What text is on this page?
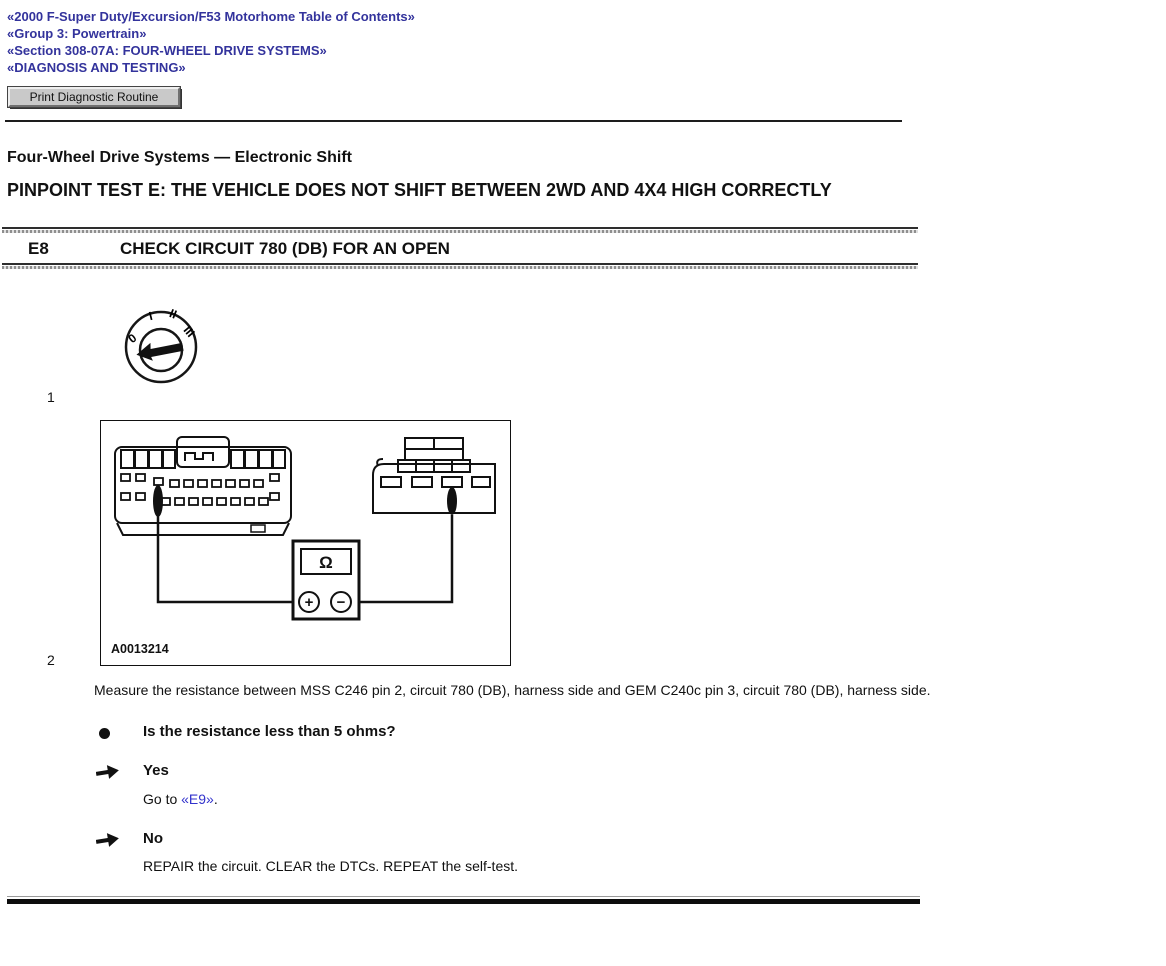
«2000 F-Super Duty/Excursion/F53 Motorhome Table of Contents»
«Group 3: Powertrain»
«Section 308-07A: FOUR-WHEEL DRIVE SYSTEMS»
«DIAGNOSIS AND TESTING»
Print Diagnostic Routine
Four-Wheel Drive Systems — Electronic Shift
PINPOINT TEST E: THE VEHICLE DOES NOT SHIFT BETWEEN 2WD AND 4X4 HIGH CORRECTLY
E8	CHECK CIRCUIT 780 (DB) FOR AN OPEN
0
I II
III
1
2
Ω
+ −
A0013214
Measure the resistance between MSS C246 pin 2, circuit 780 (DB), harness side and GEM C240c pin 3, circuit 780 (DB), harness side.
Is the resistance less than 5 ohms?
Yes
Go to «E9».
No
REPAIR the circuit. CLEAR the DTCs. REPEAT the self-test.
